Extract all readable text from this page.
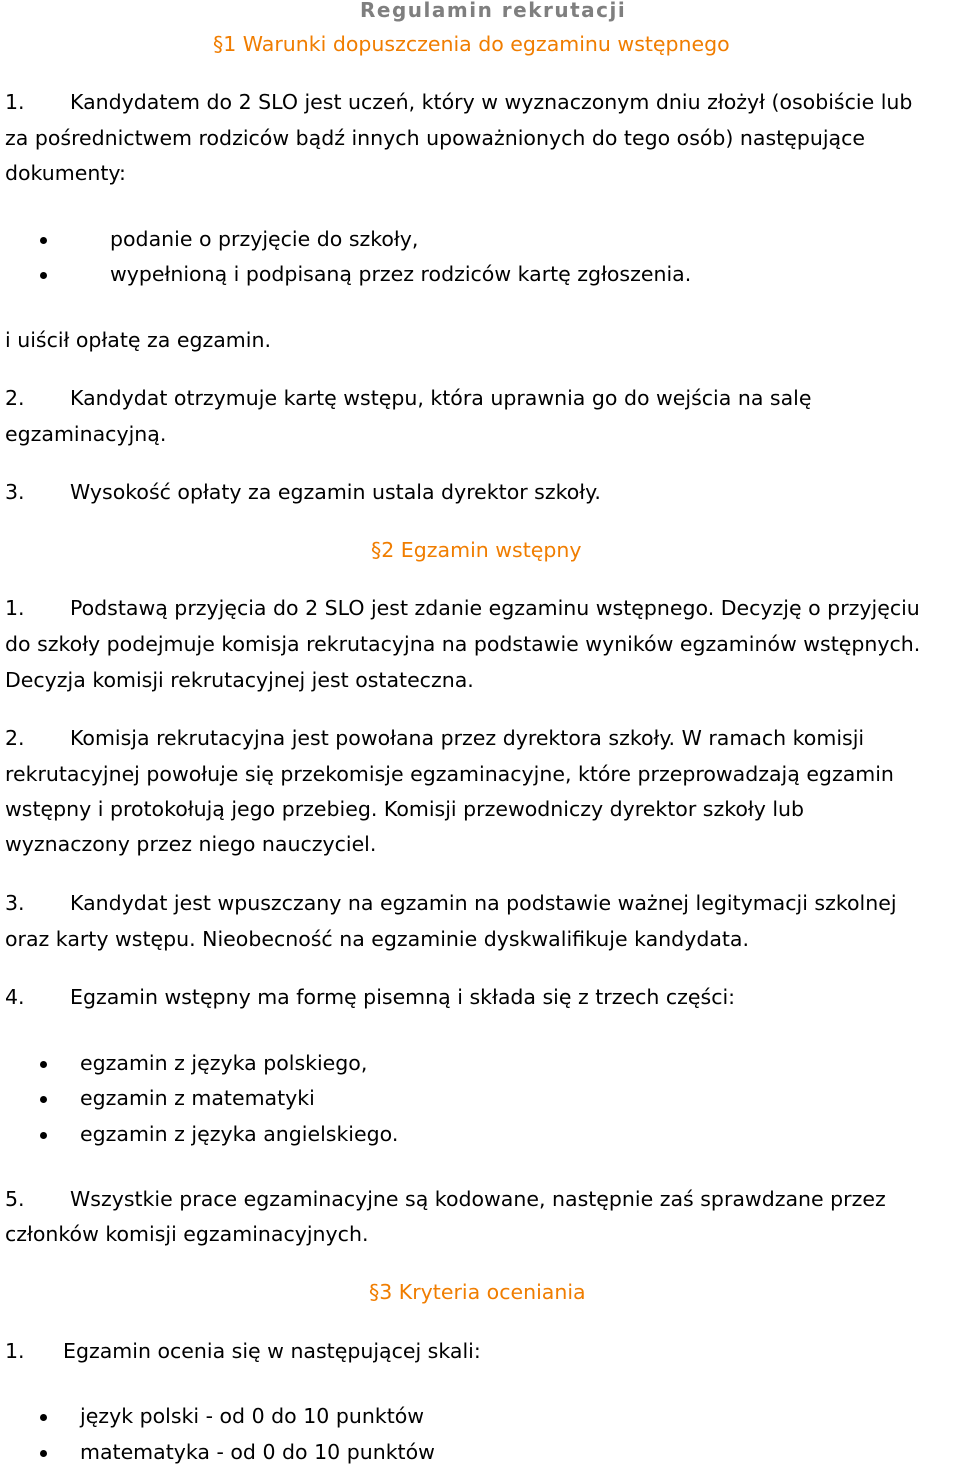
Regulamin rekrutacji
§1 Warunki dopuszczenia do egzaminu wstępnego
1. Kandydatem do 2 SLO jest uczeń, który w wyznaczonym dniu złożył (osobiście lub
za pośrednictwem rodziców bądź innych upoważnionych do tego osób) następujące
dokumenty:
podanie o przyjęcie do szkoły,
wypełnioną i podpisaną przez rodziców kartę zgłoszenia.
i uiścił opłatę za egzamin.
2. Kandydat otrzymuje kartę wstępu, która uprawnia go do wejścia na salę
egzaminacyjną.
3. Wysokość opłaty za egzamin ustala dyrektor szkoły.
§2 Egzamin wstępny
1. Podstawą przyjęcia do 2 SLO jest zdanie egzaminu wstępnego. Decyzję o przyjęciu
do szkoły podejmuje komisja rekrutacyjna na podstawie wyników egzaminów wstępnych.
Decyzja komisji rekrutacyjnej jest ostateczna.
2. Komisja rekrutacyjna jest powołana przez dyrektora szkoły. W ramach komisji
rekrutacyjnej powołuje się przekomisje egzaminacyjne, które przeprowadzają egzamin
wstępny i protokołują jego przebieg. Komisji przewodniczy dyrektor szkoły lub
wyznaczony przez niego nauczyciel.
3. Kandydat jest wpuszczany na egzamin na podstawie ważnej legitymacji szkolnej
oraz karty wstępu. Nieobecność na egzaminie dyskwalifikuje kandydata.
4. Egzamin wstępny ma formę pisemną i składa się z trzech części:
egzamin z języka polskiego,
egzamin z matematyki
egzamin z języka angielskiego.
5. Wszystkie prace egzaminacyjne są kodowane, następnie zaś sprawdzane przez
członków komisji egzaminacyjnych.
§3 Kryteria oceniania
1. Egzamin ocenia się w następującej skali:
język polski - od 0 do 10 punktów
matematyka - od 0 do 10 punktów
